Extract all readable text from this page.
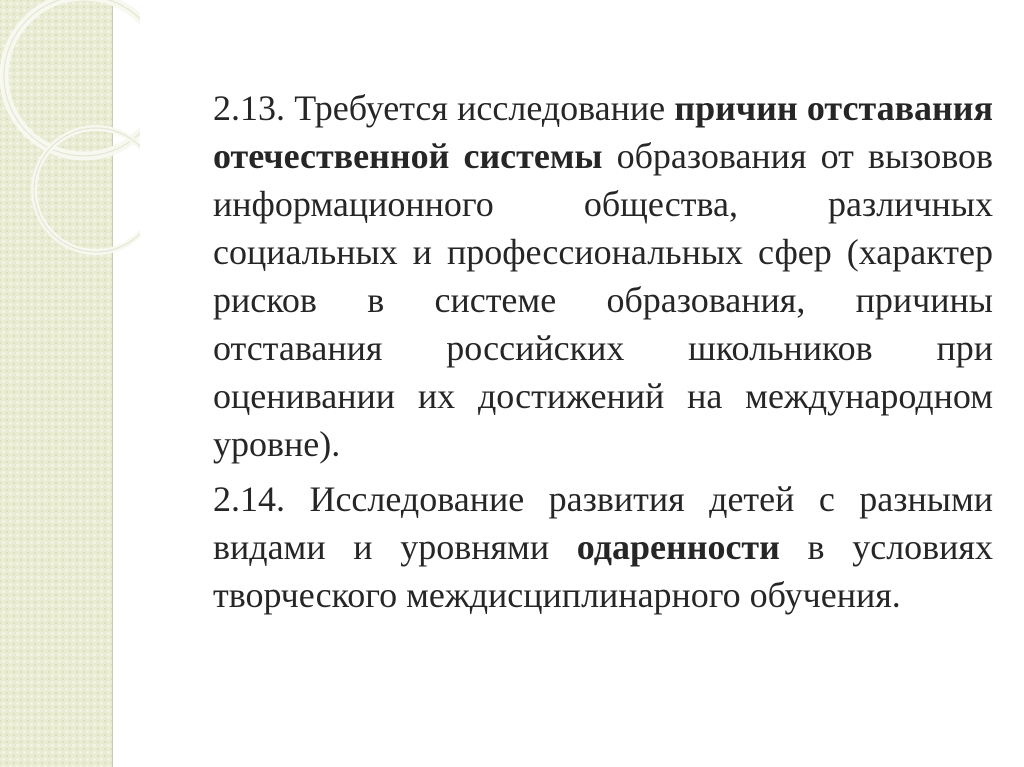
2.13. Требуется исследование причин отставания отечественной системы образования от вызовов информационного общества, различных социальных и профессиональных сфер (характер рисков в системе образования, причины отставания российских школьников при оценивании их достижений на международном уровне).

2.14. Исследование развития детей с разными видами и уровнями одаренности в условиях творческого междисциплинарного обучения.
